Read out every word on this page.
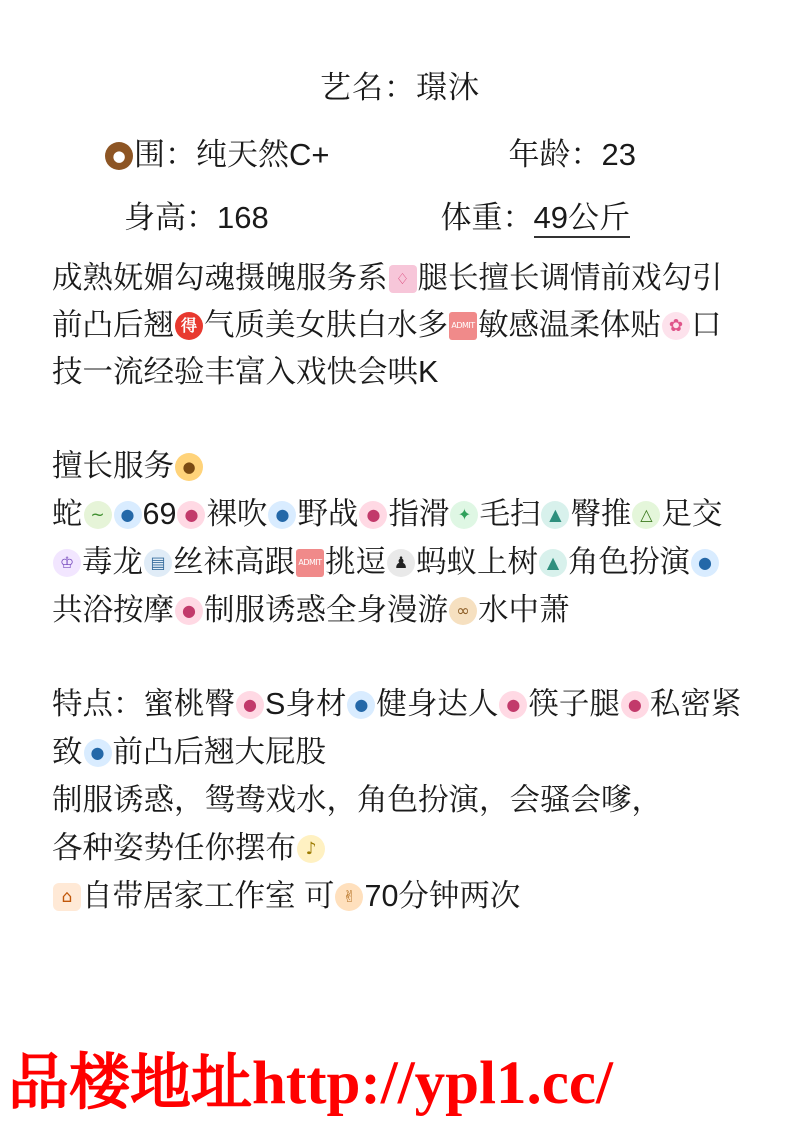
艺名：璟沐
● 围：纯天然C+	年龄：23
身高：168	体重：49公斤
成熟妩媚勾魂摄魄服务系 ♢ 腿长擅长调情前戏勾引前凸后翘 得 气质美女肤白水多 ADMIT 敏感温柔体贴 ✿ 口技一流经验丰富入戏快会哄K
擅长服务 ●
蛇 ~ ● 69 ● 裸吹 ● 野战 ● 指滑 ✦ 毛扫 ▲ 臀推 △ 足交♔ 毒龙 ▤ 丝袜高跟 ADMIT 挑逗 ♟ 蚂蚁上树 ▲ 角色扮演 ●共浴按摩 ● 制服诱惑全身漫游 ∞ 水中萧
特点：蜜桃臀 ● S身材 ● 健身达人 ● 筷子腿 ● 私密紧致 ● 前凸后翘大屁股
制服诱惑，鸳鸯戏水，角色扮演，会骚会嗲，
各种姿势任你摆布 ♪
⌂ 自带居家工作室 可 ✌ 70分钟两次
品楼地址http://ypl1.cc/
